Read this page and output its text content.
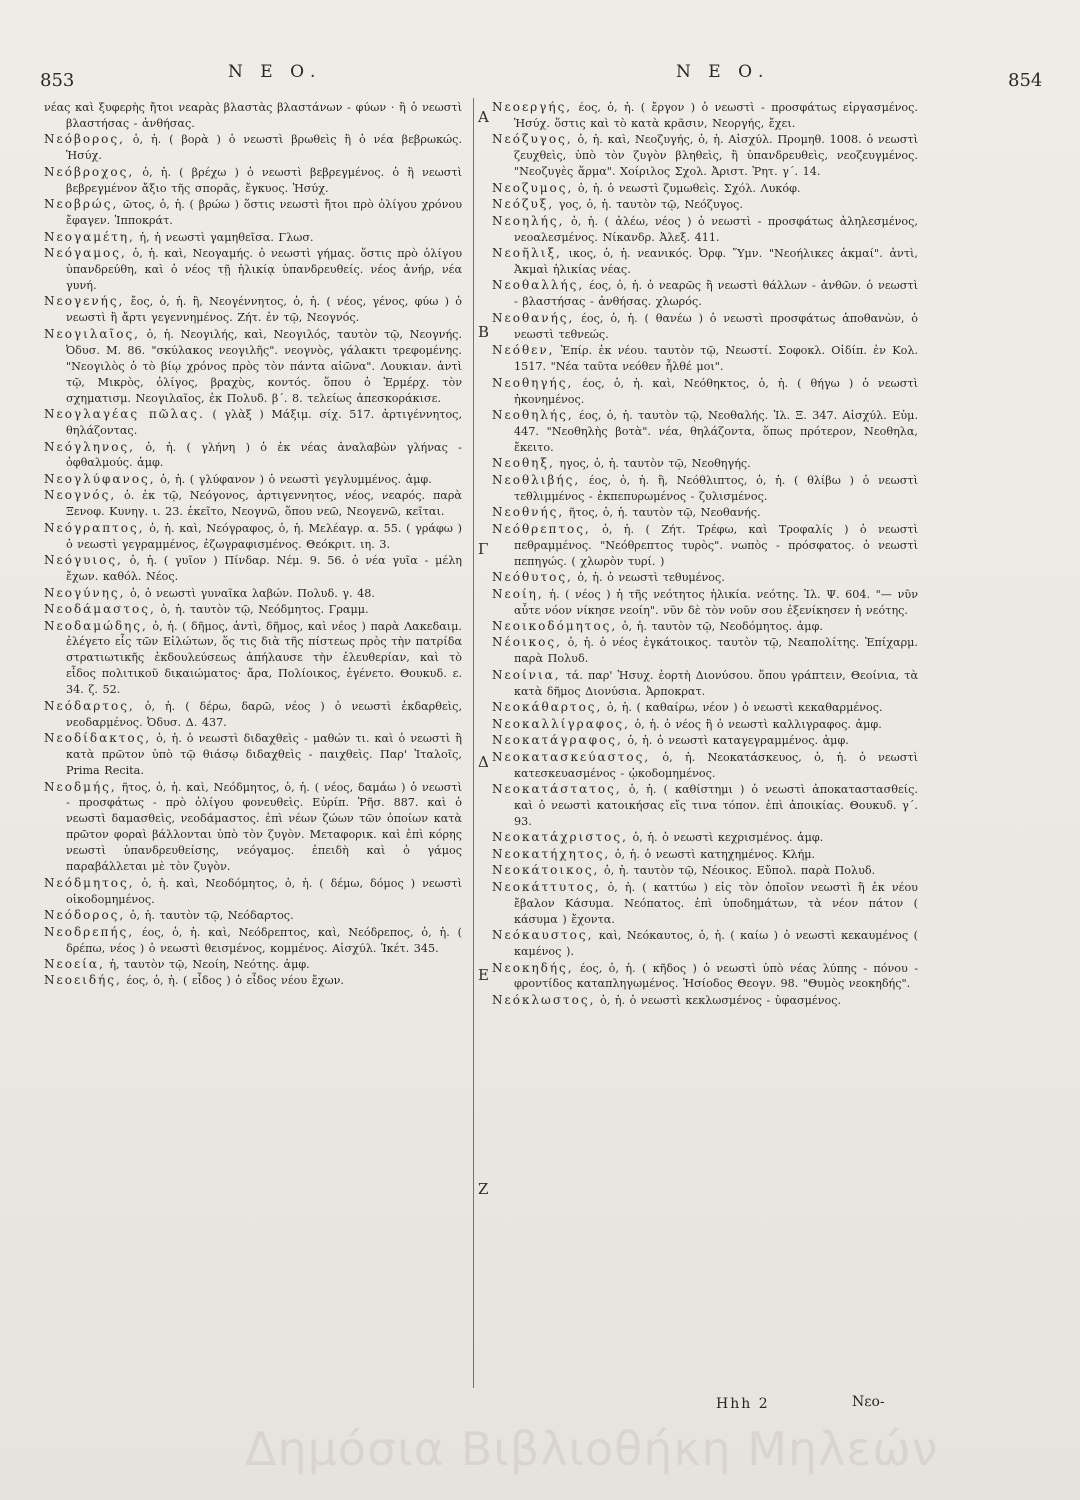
853	Ν Ε Ο.	Ν Ε Ο.	854
Α
Β
Γ
Δ
Ε
Ζ
νέας καὶ ξυφερὴς ἤτοι νεαρὰς βλαστὰς βλαστάνων - φύων · ἢ ὁ νεωστὶ βλαστήσας - ἀνθήσας.
Νεόβορος, ὁ, ἡ. ( βορὰ ) ὁ νεωστὶ βρωθεὶς ἢ ὁ νέα βεβρωκώς. Ἡσύχ.
Νεόβροχος, ὁ, ἡ. ( βρέχω ) ὁ νεωστὶ βεβρεγμένος. ὁ ἢ νεωστὶ βεβρεγμένον ἄξιο τῆς σπορᾶς, ἔγκυος. Ἡσύχ.
Νεοβρώς, ῶτος, ὁ, ἡ. ( βρώω ) ὅστις νεωστὶ ἤτοι πρὸ ὀλίγου χρόνου ἔφαγεν. Ἱπποκράτ.
Νεογαμέτη, ἡ, ἡ νεωστὶ γαμηθεῖσα. Γλωσ.
Νεόγαμος, ὁ, ἡ. καὶ, Νεογαμής. ὁ νεωστὶ γήμας. ὅστις πρὸ ὀλίγου ὑπανδρεύθη, καὶ ὁ νέος τῇ ἡλικίᾳ ὑπανδρευθείς. νέος ἀνήρ, νέα γυνή.
Νεογενής, ἔος, ὁ, ἡ. ἢ, Νεογέννητος, ὁ, ἡ. ( νέος, γένος, φύω ) ὁ νεωστὶ ἢ ἄρτι γεγεννημένος. Ζήτ. ἐν τῷ, Νεογνός.
Νεογιλαῖος, ὁ, ἡ. Νεογιλής, καὶ, Νεογιλός, ταυτὸν τῷ, Νεογνής. Ὀδυσ. Μ. 86. "σκύλακος νεογιλῆς". νεογνὸς, γάλακτι τρεφομένης. "Νεογιλὸς ὁ τὸ βίῳ χρόνος πρὸς τὸν πάντα αἰῶνα". Λουκιαν. ἀντὶ τῷ, Μικρὸς, ὀλίγος, βραχὺς, κοντός. ὅπου ὁ Ἑρμέρχ. τὸν σχηματισμ. Νεογιλαῖος, ἐκ Πολυδ. β΄. 8. τελείως ἀπεσκοράκισε.
Νεογλαγέας πῶλας. ( γλὰξ ) Μάξιμ. σίχ. 517. ἀρτιγέννητος, θηλάζοντας.
Νεόγληνος, ὁ, ἡ. ( γλήνη ) ὁ ἐκ νέας ἀναλαβὼν γλήνας - ὀφθαλμούς. ἀμφ.
Νεογλύφανος, ὁ, ἡ. ( γλύφανον ) ὁ νεωστὶ γεγλυμμένος. ἀμφ.
Νεογνός, ὁ. ἐκ τῷ, Νεόγονος, ἀρτιγεννητος, νέος, νεαρός. παρὰ Ξενοφ. Κυνηγ. ι. 23. ἐκεῖτο, Νεογνῶ, ὅπου νεῶ, Νεογενῶ, κεῖται.
Νεόγραπτος, ὁ, ἡ. καὶ, Νεόγραφος, ὁ, ἡ. Μελέαγρ. α. 55. ( γράφω ) ὁ νεωστὶ γεγραμμένος, ἐζωγραφισμένος. Θεόκριτ. ιη. 3.
Νεόγυιος, ὁ, ἡ. ( γυῖον ) Πίνδαρ. Νέμ. 9. 56. ὁ νέα γυῖα - μέλη ἔχων. καθόλ. Νέος.
Νεογύνης, ὁ, ὁ νεωστὶ γυναῖκα λαβών. Πολυδ. γ. 48.
Νεοδάμαστος, ὁ, ἡ. ταυτὸν τῷ, Νεόδμητος. Γραμμ.
Νεοδαμώδης, ὁ, ἡ. ( δῆμος, ἀντὶ, δῆμος, καὶ νέος ) παρὰ Λακεδαιμ. ἐλέγετο εἷς τῶν Εἱλώτων, ὅς τις διὰ τῆς πίστεως πρὸς τὴν πατρίδα στρατιωτικῆς ἐκδουλεύσεως ἀπήλαυσε τὴν ἐλευθερίαν, καὶ τὸ εἶδος πολιτικοῦ δικαιώματος· ἄρα, Πολίοικος, ἐγένετο. Θουκυδ. ε. 34. ζ. 52.
Νεόδαρτος, ὁ, ἡ. ( δέρω, δαρῶ, νέος ) ὁ νεωστὶ ἐκδαρθεὶς, νεοδαρμένος. Ὀδυσ. Δ. 437.
Νεοδίδακτος, ὁ, ἡ. ὁ νεωστὶ διδαχθεὶς - μαθών τι. καὶ ὁ νεωστὶ ἢ κατὰ πρῶτον ὑπὸ τῷ θιάσῳ διδαχθεὶς - παιχθεὶς. Παρ' Ἰταλοῖς, Prima Recita.
Νεοδμής, ῆτος, ὁ, ἡ. καὶ, Νεόδμητος, ὁ, ἡ. ( νέος, δαμάω ) ὁ νεωστὶ - προσφάτως - πρὸ ὀλίγου φονευθεὶς. Εὐρίπ. Ῥῆσ. 887. καὶ ὁ νεωστὶ δαμασθεὶς, νεοδάμαστος. ἐπὶ νέων ζώων τῶν ὁποίων κατὰ πρῶτον φοραὶ βάλλονται ὑπὸ τὸν ζυγὸν. Μεταφορικ. καὶ ἐπὶ κόρης νεωστὶ ὑπανδρευθείσης, νεόγαμος. ἐπειδὴ καὶ ὁ γάμος παραβάλλεται μὲ τὸν ζυγὸν.
Νεόδμητος, ὁ, ἡ. καὶ, Νεοδόμητος, ὁ, ἡ. ( δέμω, δόμος ) νεωστὶ οἰκοδομημένος.
Νεόδορος, ὁ, ἡ. ταυτὸν τῷ, Νεόδαρτος.
Νεοδρεπής, έος, ὁ, ἡ. καὶ, Νεόδρεπτος, καὶ, Νεόδρεπος, ὁ, ἡ. ( δρέπω, νέος ) ὁ νεωστὶ θεισμένος, κομμένος. Αἰσχύλ. Ἱκέτ. 345.
Νεοεία, ἡ, ταυτὸν τῷ, Νεοίη, Νεότης. ἀμφ.
Νεοειδής, έος, ὁ, ἡ. ( εἶδος ) ὁ εἶδος νέου ἔχων.
Νεοεργής, έος, ὁ, ἡ. ( ἔργον ) ὁ νεωστὶ - προσφάτως εἰργασμένος. Ἡσύχ. ὅστις καὶ τὸ κατὰ κρᾶσιν, Νεοργής, ἔχει.
Νεόζυγος, ὁ, ἡ. καὶ, Νεοζυγής, ὁ, ἡ. Αἰσχύλ. Προμηθ. 1008. ὁ νεωστὶ ζευχθεὶς, ὑπὸ τὸν ζυγὸν βληθεὶς, ἢ ὑπανδρευθεὶς, νεοζευγμένος. "Νεοζυγὲς ἅρμα". Χοίριλος Σχολ. Ἀριστ. Ῥητ. γ΄. 14.
Νεοζυμος, ὁ, ἡ. ὁ νεωστὶ ζυμωθεὶς. Σχόλ. Λυκόφ.
Νεόζυξ, γος, ὁ, ἡ. ταυτὸν τῷ, Νεόζυγος.
Νεοηλής, ὁ, ἡ. ( ἀλέω, νέος ) ὁ νεωστὶ - προσφάτως ἀληλεσμένος, νεοαλεσμένος. Νίκανδρ. Ἀλεξ. 411.
Νεοῆλιξ, ικος, ὁ, ἡ. νεανικός. Ὀρφ. Ὕμν. "Νεοήλικες ἀκμαί". ἀντὶ, Ἀκμαὶ ἡλικίας νέας.
Νεοθαλλής, έος, ὁ, ἡ. ὁ νεαρῶς ἢ νεωστὶ θάλλων - ἀνθῶν. ὁ νεωστὶ - βλαστήσας - ἀνθήσας. χλωρός.
Νεοθανής, έος, ὁ, ἡ. ( θανέω ) ὁ νεωστὶ προσφάτως ἀποθανὼν, ὁ νεωστὶ τεθνεώς.
Νεόθεν, Ἐπίρ. ἐκ νέου. ταυτὸν τῷ, Νεωστί. Σοφοκλ. Οἰδίπ. ἐν Κολ. 1517. "Νέα ταῦτα νεόθεν ἦλθέ μοι".
Νεοθηγής, έος, ὁ, ἡ. καὶ, Νεόθηκτος, ὁ, ἡ. ( θήγω ) ὁ νεωστὶ ἠκονημένος.
Νεοθηλής, έος, ὁ, ἡ. ταυτὸν τῷ, Νεοθαλής. Ἰλ. Ξ. 347. Αἰσχύλ. Εὐμ. 447. "Νεοθηλὴς βοτὰ". νέα, θηλάζοντα, ὅπως πρότερον, Νεοθηλα, ἔκειτο.
Νεοθηξ, ηγος, ὁ, ἡ. ταυτὸν τῷ, Νεοθηγής.
Νεοθλιβής, έος, ὁ, ἡ. ἢ, Νεόθλιπτος, ὁ, ἡ. ( θλίβω ) ὁ νεωστὶ τεθλιμμένος - ἐκπεπυρωμένος - ζυλισμένος.
Νεοθνής, ῆτος, ὁ, ἡ. ταυτὸν τῷ, Νεοθανής.
Νεόθρεπτος, ὁ, ἡ. ( Ζήτ. Τρέφω, καὶ Τροφαλίς ) ὁ νεωστὶ πεθραμμένος. "Νεόθρεπτος τυρὸς". νωπὸς - πρόσφατος. ὁ νεωστὶ πεπηγώς. ( χλωρὸν τυρί. )
Νεόθυτος, ὁ, ἡ. ὁ νεωστὶ τεθυμένος.
Νεοίη, ἡ. ( νέος ) ἡ τῆς νεότητος ἡλικία. νεότης. Ἰλ. Ψ. 604. "— νῦν αὖτε νόον νίκησε νεοίη". νῦν δὲ τὸν νοῦν σου ἐξενίκησεν ἡ νεότης.
Νεοικοδόμητος, ὁ, ἡ. ταυτὸν τῷ, Νεοδόμητος. ἀμφ.
Νέοικος, ὁ, ἡ. ὁ νέος ἐγκάτοικος. ταυτὸν τῷ, Νεαπολίτης. Ἐπίχαρμ. παρὰ Πολυδ.
Νεοίνια, τά. παρ' Ἡσυχ. ἑορτὴ Διονύσου. ὅπου γράπτειν, Θεοίνια, τὰ κατὰ δῆμος Διονύσια. Ἀρποκρατ.
Νεοκάθαρτος, ὁ, ἡ. ( καθαίρω, νέον ) ὁ νεωστὶ κεκαθαρμένος.
Νεοκαλλίγραφος, ὁ, ἡ. ὁ νέος ἢ ὁ νεωστὶ καλλιγραφος. ἀμφ.
Νεοκατάγραφος, ὁ, ἡ. ὁ νεωστὶ καταγεγραμμένος. ἀμφ.
Νεοκατασκεύαστος, ὁ, ἡ. Νεοκατάσκευος, ὁ, ἡ. ὁ νεωστὶ κατεσκευασμένος - ᾠκοδομημένος.
Νεοκατάστατος, ὁ, ἡ. ( καθίστημι ) ὁ νεωστὶ ἀποκαταστασθείς. καὶ ὁ νεωστὶ κατοικήσας εἴς τινα τόπον. ἐπὶ ἀποικίας. Θουκυδ. γ΄. 93.
Νεοκατάχριστος, ὁ, ἡ. ὁ νεωστὶ κεχρισμένος. ἀμφ.
Νεοκατήχητος, ὁ, ἡ. ὁ νεωστὶ κατηχημένος. Κλήμ.
Νεοκάτοικος, ὁ, ἡ. ταυτὸν τῷ, Νέοικος. Εὔπολ. παρὰ Πολυδ.
Νεοκάττυτος, ὁ, ἡ. ( καττύω ) εἰς τὸν ὁποῖον νεωστὶ ἢ ἐκ νέου ἔβαλον Κάσυμα. Νεόπατος. ἐπὶ ὑποδημάτων, τὰ νέον πάτον ( κάσυμα ) ἔχοντα.
Νεόκαυστος, καὶ, Νεόκαυτος, ὁ, ἡ. ( καίω ) ὁ νεωστὶ κεκαυμένος ( καμένος ).
Νεοκηδής, έος, ὁ, ἡ. ( κῆδος ) ὁ νεωστὶ ὑπὸ νέας λύπης - πόνου - φροντίδος καταπληγωμένος. Ἡσίοδος Θεογν. 98. "Θυμὸς νεοκηδής".
Νεόκλωστος, ὁ, ἡ. ὁ νεωστὶ κεκλωσμένος - ὑφασμένος.
Hhh 2	Νεο-
Δημόσια Βιβλιοθήκη Μηλεών
